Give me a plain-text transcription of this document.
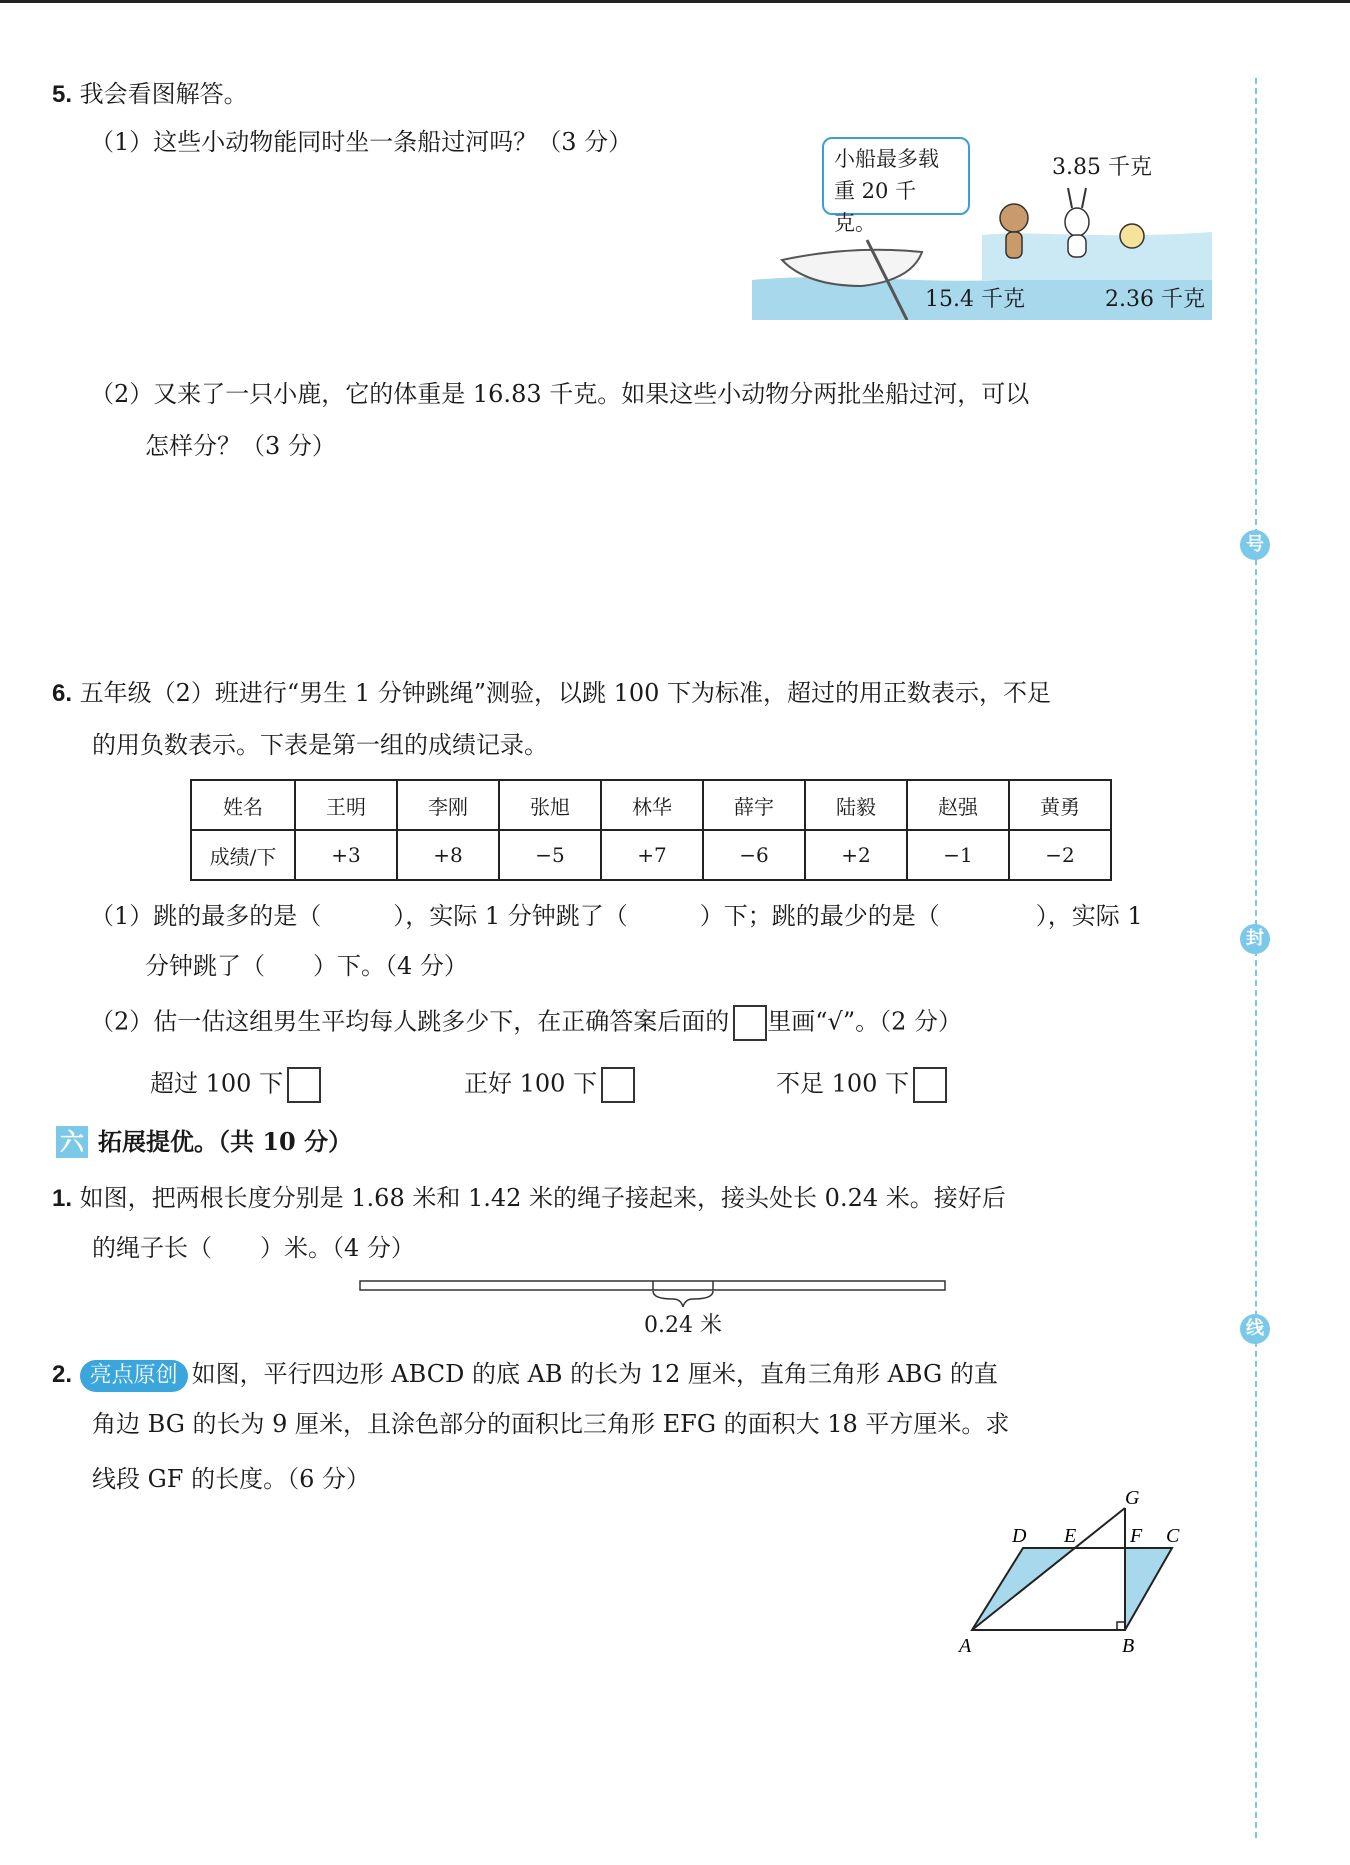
号
封
线
5. 我会看图解答。
（1）这些小动物能同时坐一条船过河吗？（3 分）
小船最多载
重 20 千克。
3.85 千克
15.4 千克	2.36 千克
（2）又来了一只小鹿，它的体重是 16.83 千克。如果这些小动物分两批坐船过河，可以
怎样分？（3 分）
6. 五年级（2）班进行“男生 1 分钟跳绳”测验，以跳 100 下为标准，超过的用正数表示，不足
的用负数表示。下表是第一组的成绩记录。
姓名	王明	李刚	张旭	林华	薛宇	陆毅	赵强	黄勇
成绩/下	+3	+8	−5	+7	−6	+2	−1	−2
（1）跳的最多的是（　　　），实际 1 分钟跳了（　　　）下；跳的最少的是（　　　　），实际 1
分钟跳了（　　）下。（4 分）
（2）估一估这组男生平均每人跳多少下，在正确答案后面的 里画“√”。（2 分）
超过 100 下	正好 100 下	不足 100 下
六 拓展提优。（共 10 分）
1. 如图，把两根长度分别是 1.68 米和 1.42 米的绳子接起来，接头处长 0.24 米。接好后
的绳子长（　　）米。（4 分）
0.24 米
2. 亮点原创 如图，平行四边形 ABCD 的底 AB 的长为 12 厘米，直角三角形 ABG 的直
角边 BG 的长为 9 厘米，且涂色部分的面积比三角形 EFG 的面积大 18 平方厘米。求
线段 GF 的长度。（6 分）
G
D E	F C
A	B
